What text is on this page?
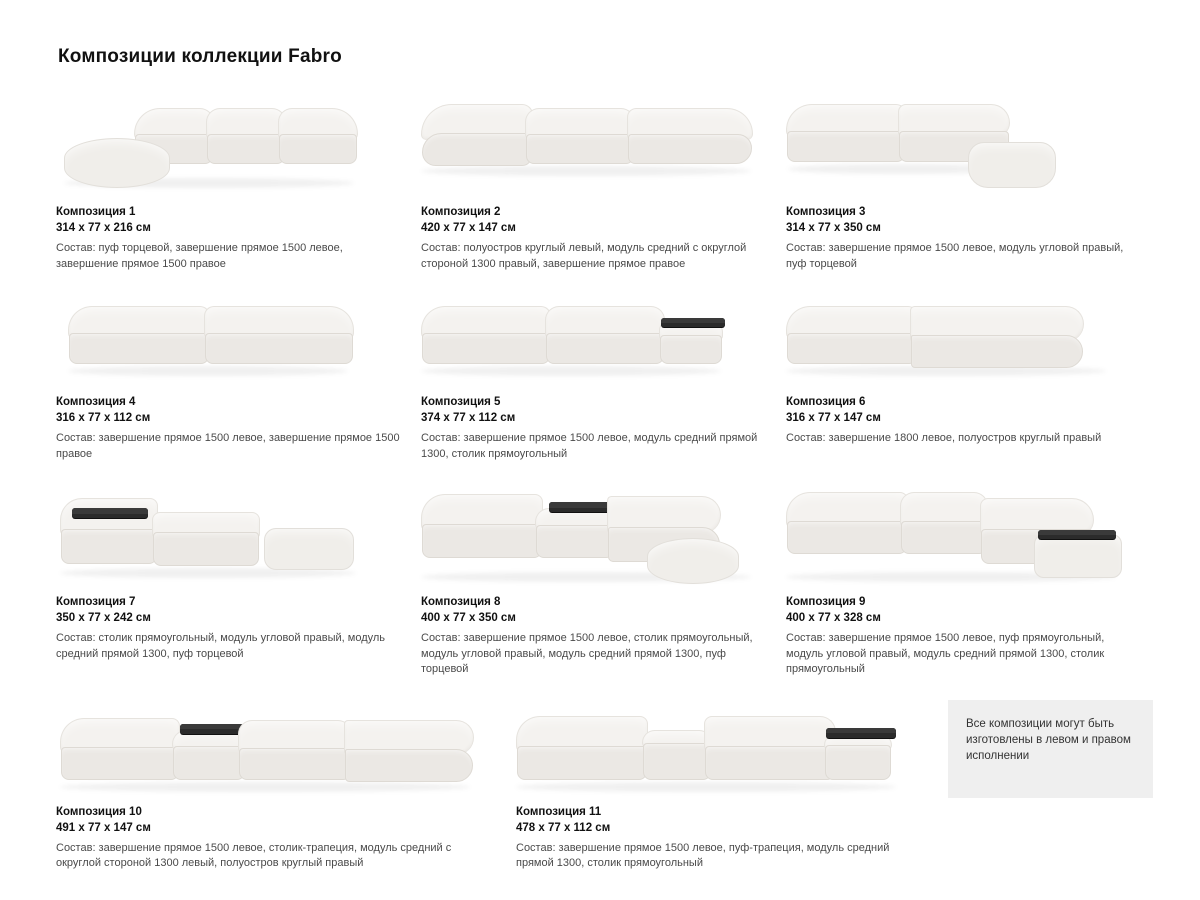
Композиции коллекции Fabro
Композиция 1
314 x 77 x 216 см
Состав: пуф торцевой, завершение прямое 1500 левое, завершение прямое 1500 правое
Композиция 2
420 x 77 x 147 см
Состав: полуостров круглый левый, модуль средний с округлой стороной 1300 правый, завершение прямое правое
Композиция 3
314 x 77 x 350 см
Состав: завершение прямое 1500 левое, модуль угловой правый, пуф торцевой
Композиция 4
316 x 77 x 112 см
Состав: завершение прямое 1500 левое, завершение прямое 1500 правое
Композиция 5
374 x 77 x 112 см
Состав: завершение прямое 1500 левое, модуль средний прямой 1300, столик прямоугольный
Композиция 6
316 x 77 x 147 см
Состав: завершение 1800 левое, полуостров круглый правый
Композиция 7
350 x 77 x 242 см
Состав: столик прямоугольный, модуль угловой правый, модуль средний прямой 1300, пуф торцевой
Композиция 8
400 x 77 x 350 см
Состав: завершение прямое 1500 левое, столик прямоугольный, модуль угловой правый, модуль средний прямой 1300, пуф торцевой
Композиция 9
400 x 77 x 328 см
Состав: завершение прямое 1500 левое, пуф прямоугольный, модуль угловой правый, модуль средний прямой 1300, столик прямоугольный
Композиция 10
491 x 77 x 147 см
Состав: завершение прямое 1500 левое, столик-трапеция, модуль средний с округлой стороной 1300 левый, полуостров круглый правый
Композиция 11
478 x 77 x 112 см
Состав: завершение прямое 1500 левое, пуф-трапеция, модуль средний прямой 1300, столик прямоугольный
Все композиции могут быть изготовлены в левом и правом исполнении
